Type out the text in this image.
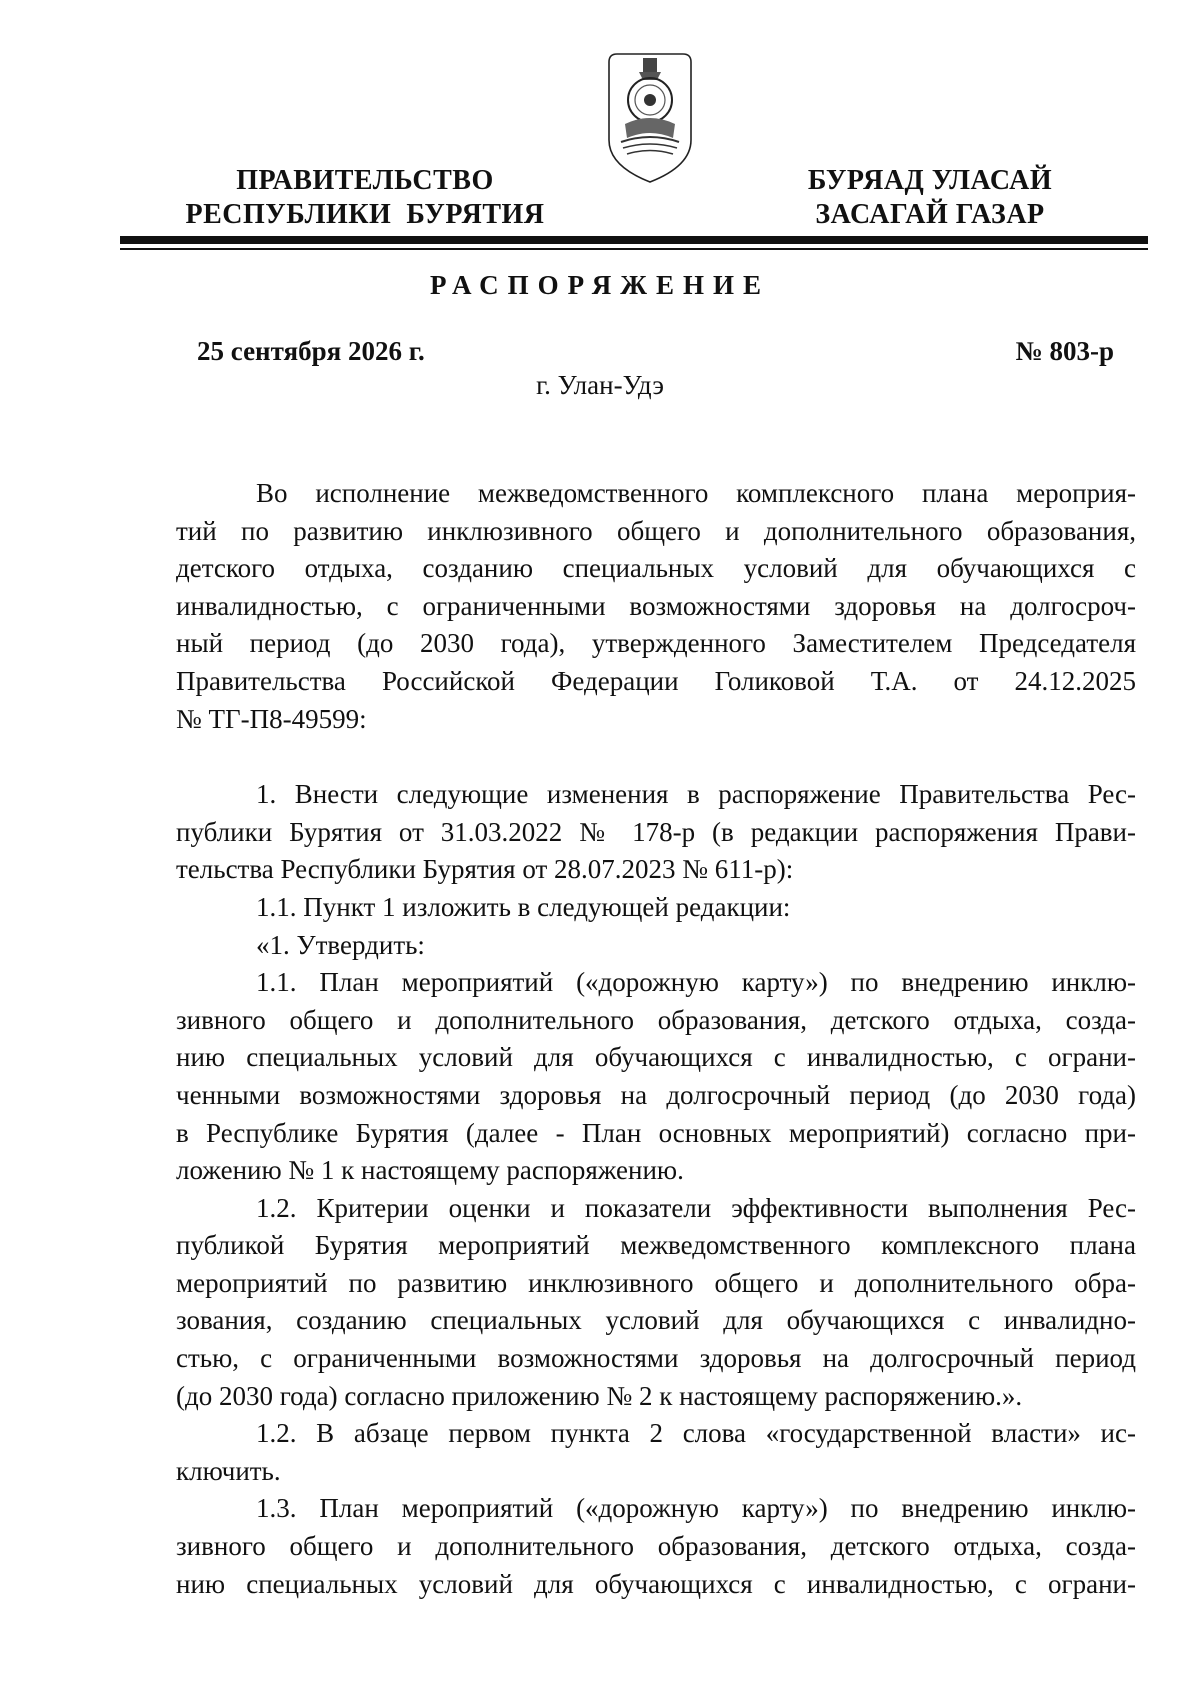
ПРАВИТЕЛЬСТВО
РЕСПУБЛИКИ  БУРЯТИЯ
БУРЯАД УЛАСАЙ
ЗАСАГАЙ ГАЗАР
РАСПОРЯЖЕНИЕ
25 сентября 2026 г.	№ 803-р
г. Улан-Удэ

Во исполнение межведомственного комплексного плана мероприя-

тий по развитию инклюзивного общего и дополнительного образования,

детского отдыха, созданию специальных условий для обучающихся с

инвалидностью, с ограниченными возможностями здоровья на долгосроч-

ный период (до 2030 года), утвержденного Заместителем Председателя

Правительства Российской Федерации Голиковой Т.А. от 24.12.2025

№ ТГ-П8-49599:

1. Внести следующие изменения в распоряжение Правительства Рес-

публики Бурятия от 31.03.2022 № 178-р (в редакции распоряжения Прави-

тельства Республики Бурятия от 28.07.2023 № 611-р):

1.1. Пункт 1 изложить в следующей редакции:

«1. Утвердить:

1.1. План мероприятий («дорожную карту») по внедрению инклю-

зивного общего и дополнительного образования, детского отдыха, созда-

нию специальных условий для обучающихся с инвалидностью, с ограни-

ченными возможностями здоровья на долгосрочный период (до 2030 года)

в Республике Бурятия (далее - План основных мероприятий) согласно при-

ложению № 1 к настоящему распоряжению.

1.2. Критерии оценки и показатели эффективности выполнения Рес-

публикой Бурятия мероприятий межведомственного комплексного плана

мероприятий по развитию инклюзивного общего и дополнительного обра-

зования, созданию специальных условий для обучающихся с инвалидно-

стью, с ограниченными возможностями здоровья на долгосрочный период

(до 2030 года) согласно приложению № 2 к настоящему распоряжению.».

1.2. В абзаце первом пункта 2 слова «государственной власти» ис-

ключить.

1.3. План мероприятий («дорожную карту») по внедрению инклю-

зивного общего и дополнительного образования, детского отдыха, созда-

нию специальных условий для обучающихся с инвалидностью, с ограни-
